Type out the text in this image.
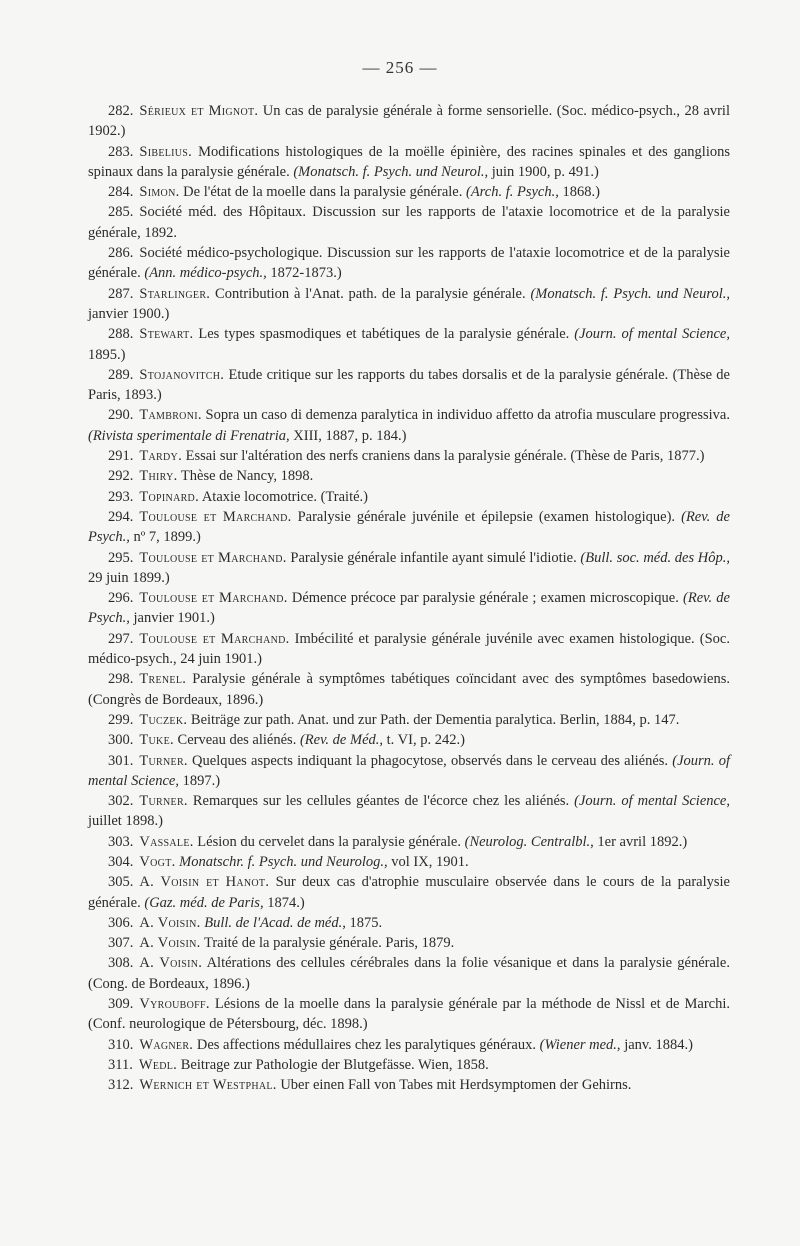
— 256 —

282. Sérieux et Mignot. Un cas de paralysie générale à forme sensorielle. (Soc. médico-psych., 28 avril 1902.)

283. Sibelius. Modifications histologiques de la moëlle épinière, des racines spinales et des ganglions spinaux dans la paralysie générale. (Monatsch. f. Psych. und Neurol., juin 1900, p. 491.)

284. Simon. De l'état de la moelle dans la paralysie générale. (Arch. f. Psych., 1868.)

285. Société méd. des Hôpitaux. Discussion sur les rapports de l'ataxie locomotrice et de la paralysie générale, 1892.

286. Société médico-psychologique. Discussion sur les rapports de l'ataxie locomotrice et de la paralysie générale. (Ann. médico-psych., 1872-1873.)

287. Starlinger. Contribution à l'Anat. path. de la paralysie générale. (Monatsch. f. Psych. und Neurol., janvier 1900.)

288. Stewart. Les types spasmodiques et tabétiques de la paralysie générale. (Journ. of mental Science, 1895.)

289. Stojanovitch. Etude critique sur les rapports du tabes dorsalis et de la paralysie générale. (Thèse de Paris, 1893.)

290. Tambroni. Sopra un caso di demenza paralytica in individuo affetto da atrofia musculare progressiva. (Rivista sperimentale di Frenatria, XIII, 1887, p. 184.)

291. Tardy. Essai sur l'altération des nerfs craniens dans la paralysie générale. (Thèse de Paris, 1877.)

292. Thiry. Thèse de Nancy, 1898.

293. Topinard. Ataxie locomotrice. (Traité.)

294. Toulouse et Marchand. Paralysie générale juvénile et épilepsie (examen histologique). (Rev. de Psych., nº 7, 1899.)

295. Toulouse et Marchand. Paralysie générale infantile ayant simulé l'idiotie. (Bull. soc. méd. des Hôp., 29 juin 1899.)

296. Toulouse et Marchand. Démence précoce par paralysie générale ; examen microscopique. (Rev. de Psych., janvier 1901.)

297. Toulouse et Marchand. Imbécilité et paralysie générale juvénile avec examen histologique. (Soc. médico-psych., 24 juin 1901.)

298. Trenel. Paralysie générale à symptômes tabétiques coïncidant avec des symptômes basedowiens. (Congrès de Bordeaux, 1896.)

299. Tuczek. Beiträge zur path. Anat. und zur Path. der Dementia paralytica. Berlin, 1884, p. 147.

300. Tuke. Cerveau des aliénés. (Rev. de Méd., t. VI, p. 242.)

301. Turner. Quelques aspects indiquant la phagocytose, observés dans le cerveau des aliénés. (Journ. of mental Science, 1897.)

302. Turner. Remarques sur les cellules géantes de l'écorce chez les aliénés. (Journ. of mental Science, juillet 1898.)

303. Vassale. Lésion du cervelet dans la paralysie générale. (Neurolog. Centralbl., 1er avril 1892.)

304. Vogt. Monatschr. f. Psych. und Neurolog., vol IX, 1901.

305. A. Voisin et Hanot. Sur deux cas d'atrophie musculaire observée dans le cours de la paralysie générale. (Gaz. méd. de Paris, 1874.)

306. A. Voisin. Bull. de l'Acad. de méd., 1875.

307. A. Voisin. Traité de la paralysie générale. Paris, 1879.

308. A. Voisin. Altérations des cellules cérébrales dans la folie vésanique et dans la paralysie générale. (Cong. de Bordeaux, 1896.)

309. Vyrouboff. Lésions de la moelle dans la paralysie générale par la méthode de Nissl et de Marchi. (Conf. neurologique de Pétersbourg, déc. 1898.)

310. Wagner. Des affections médullaires chez les paralytiques généraux. (Wiener med., janv. 1884.)

311. Wedl. Beitrage zur Pathologie der Blutgefässe. Wien, 1858.

312. Wernich et Westphal. Uber einen Fall von Tabes mit Herdsymptomen der Gehirns.
